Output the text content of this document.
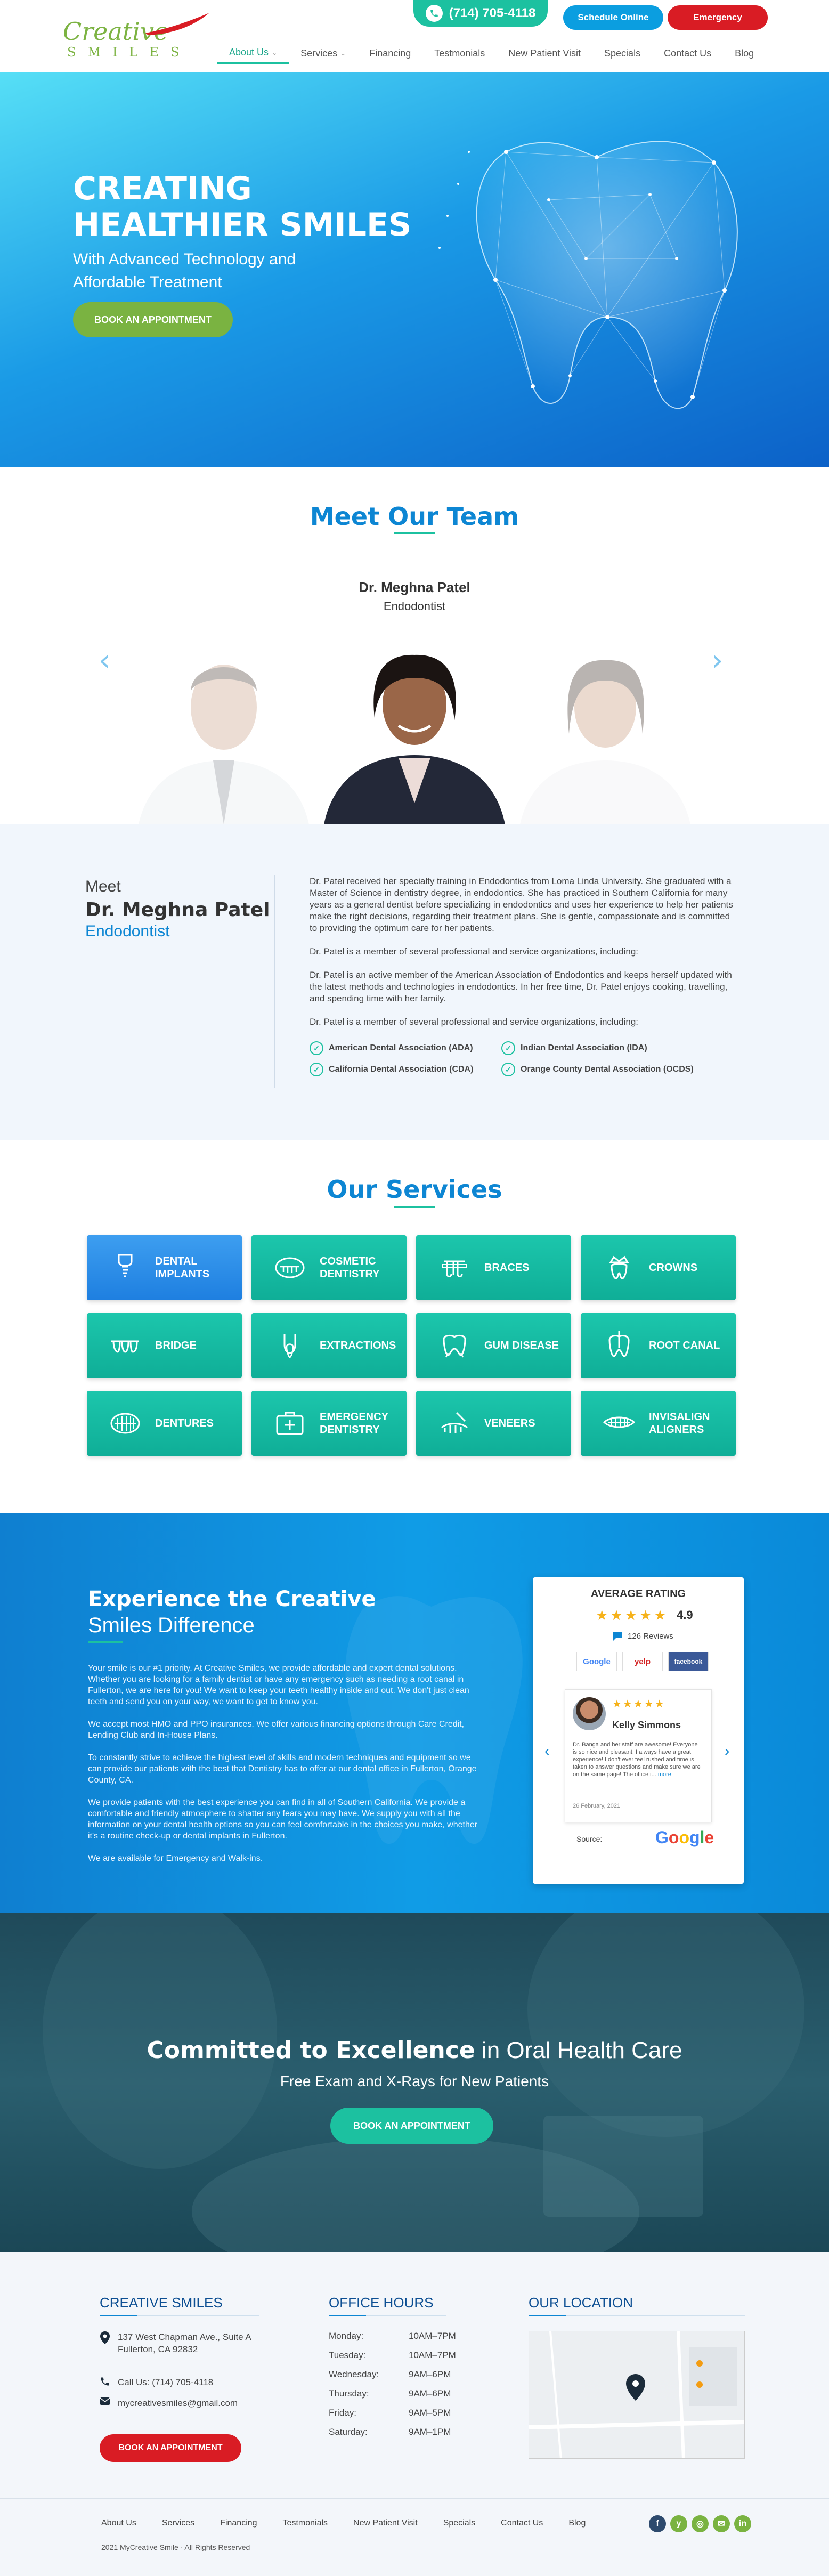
Creative
SMILES
(714) 705-4118	Schedule Online	Emergency
About Us ⌄ Services ⌄	Financing	Testmonials	New Patient Visit	Specials	Contact Us	Blog
CREATING
HEALTHIER SMILES
With Advanced Technology and
Affordable Treatment
BOOK AN APPOINTMENT
Meet Our Team
Dr. Meghna Patel
Endodontist
‹	›
Meet
Dr. Meghna Patel
Endodontist

Dr. Patel received her specialty training in Endodontics from Loma Linda University. She graduated with a Master of Science in dentistry degree, in endodontics. She has practiced in Southern California for many years as a general dentist before specializing in endodontics and uses her experience to help her patients make the right decisions, regarding their treatment plans. She is gentle, compassionate and is committed to providing the optimum care for her patients.

Dr. Patel is a member of several professional and service organizations, including:

Dr. Patel is an active member of the American Association of Endodontics and keeps herself updated with the latest methods and technologies in endodontics. In her free time, Dr. Patel enjoys cooking, travelling, and spending time with her family.

Dr. Patel is a member of several professional and service organizations, including:

✓	American Dental Association (ADA)	✓	Indian Dental Association (IDA)
✓	California Dental Association (CDA)	✓	Orange County Dental Association (OCDS)
Our Services
DENTAL
IMPLANTS
COSMETIC
DENTISTRY
BRACES	CROWNS
BRIDGE	EXTRACTIONS	GUM DISEASE	ROOT CANAL
DENTURES
EMERGENCY
DENTISTRY
VENEERS
INVISALIGN
ALIGNERS
Experience the Creative
Smiles Difference

Your smile is our #1 priority. At Creative Smiles, we provide affordable and expert dental solutions. Whether you are looking for a family dentist or have any emergency such as needing a root canal in Fullerton, we are here for you! We want to keep your teeth healthy inside and out. We don't just clean teeth and send you on your way, we want to get to know you.

We accept most HMO and PPO insurances. We offer various financing options through Care Credit, Lending Club and In-House Plans.

To constantly strive to achieve the highest level of skills and modern techniques and equipment so we can provide our patients with the best that Dentistry has to offer at our dental office in Fullerton, Orange County, CA.

We provide patients with the best experience you can find in all of Southern California. We provide a comfortable and friendly atmosphere to shatter any fears you may have. We supply you with all the information on your dental health options so you can feel comfortable in the choices you make, whether it's a routine check-up or dental implants in Fullerton.

We are available for Emergency and Walk-ins.

AVERAGE RATING
★ ★ ★ ★ ★ 4.9
126 Reviews
Google	yelp	facebook
‹	›
★★★★★
Kelly Simmons
Dr. Banga and her staff are awesome! Everyone is so nice and pleasant, I always have a great experience! I don't ever feel rushed and time is taken to answer questions and make sure we are on the same page! The office i... more
26 February, 2021
Source:	Google
Committed to Excellence in Oral Health Care
Free Exam and X-Rays for New Patients
BOOK AN APPOINTMENT
CREATIVE SMILES
137 West Chapman Ave., Suite A
Fullerton, CA 92832
Call Us: (714) 705-4118
mycreativesmiles@gmail.com
BOOK AN APPOINTMENT
OFFICE HOURS
Monday:	10AM–7PM
Tuesday:	10AM–7PM
Wednesday:	9AM–6PM
Thursday:	9AM–6PM
Friday:	9AM–5PM
Saturday:	9AM–1PM
OUR LOCATION
About Us	Services	Financing	Testmonials	New Patient Visit	Specials	Contact Us	Blog
2021 MyCreative Smile · All Rights Reserved
f	y	◎	✉	in
